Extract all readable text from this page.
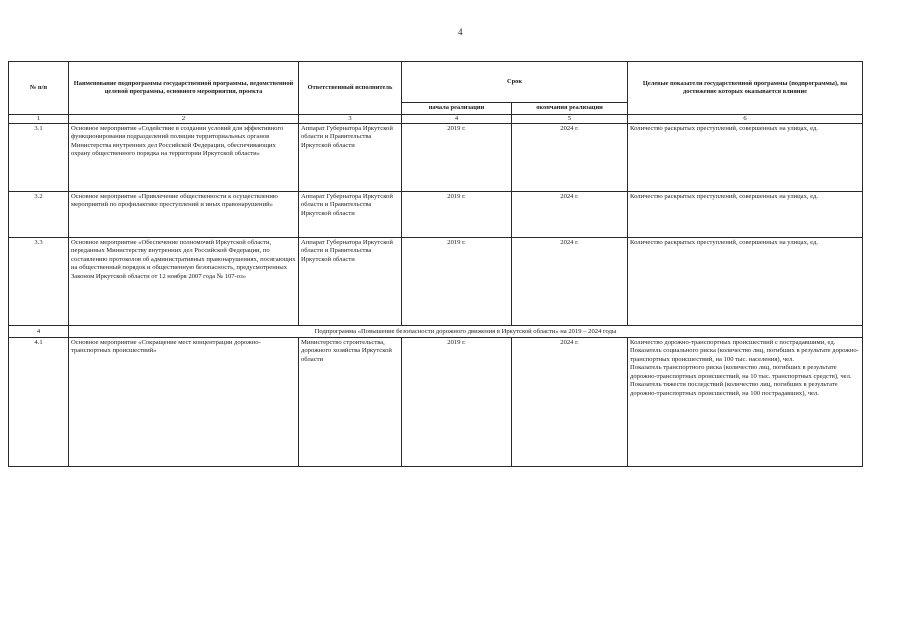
4
№ п/п	Наименование подпрограммы государственной программы, ведомственной целевой программы, основного мероприятия, проекта	Ответственный исполнитель	Срок		Целевые показатели государственной программы (подпрограммы), на достижение которых оказывается влияние
			начала реализации	окончания реализации	
1	2	3	4	5	6
3.1	Основное мероприятие «Содействие в создании условий для эффективного функционирования подразделений полиции территориальных органов Министерства внутренних дел Российской Федерации, обеспечивающих охрану общественного порядка на территории Иркутской области»	Аппарат Губернатора Иркутской области и Правительства Иркутской области	2019 г.	2024 г.	Количество раскрытых преступлений, совершенных на улицах, ед.
3.2	Основное мероприятие «Привлечение общественности к осуществлению мероприятий по профилактике преступлений и иных правонарушений»	Аппарат Губернатора Иркутской области и Правительства Иркутской области	2019 г.	2024 г.	Количество раскрытых преступлений, совершенных на улицах, ед.
3.3	Основное мероприятие «Обеспечение полномочий Иркутской области, переданных Министерству внутренних дел Российской Федерации, по составлению протоколов об административных правонарушениях, посягающих на общественный порядок и общественную безопасность, предусмотренных Законом Иркутской области от 12 ноября 2007 года № 107-оз»	Аппарат Губернатора Иркутской области и Правительства Иркутской области	2019 г.	2024 г.	Количество раскрытых преступлений, совершенных на улицах, ед.
4	Подпрограмма «Повышение безопасности дорожного движения в Иркутской области» на 2019 – 2024 годы				
4.1	Основное мероприятие «Сокращение мест концентрации дорожно-транспортных происшествий»	Министерство строительства, дорожного хозяйства Иркутской области	2019 г.	2024 г.	Количество дорожно-транспортных происшествий с пострадавшими, ед.
Показатель социального риска (количество лиц, погибших в результате дорожно-транспортных происшествий, на 100 тыс. населения), чел.
Показатель транспортного риска (количество лиц, погибших в результате дорожно-транспортных происшествий, на 10 тыс. транспортных средств), чел.
Показатель тяжести последствий (количество лиц, погибших в результате дорожно-транспортных происшествий, на 100 пострадавших), чел.
